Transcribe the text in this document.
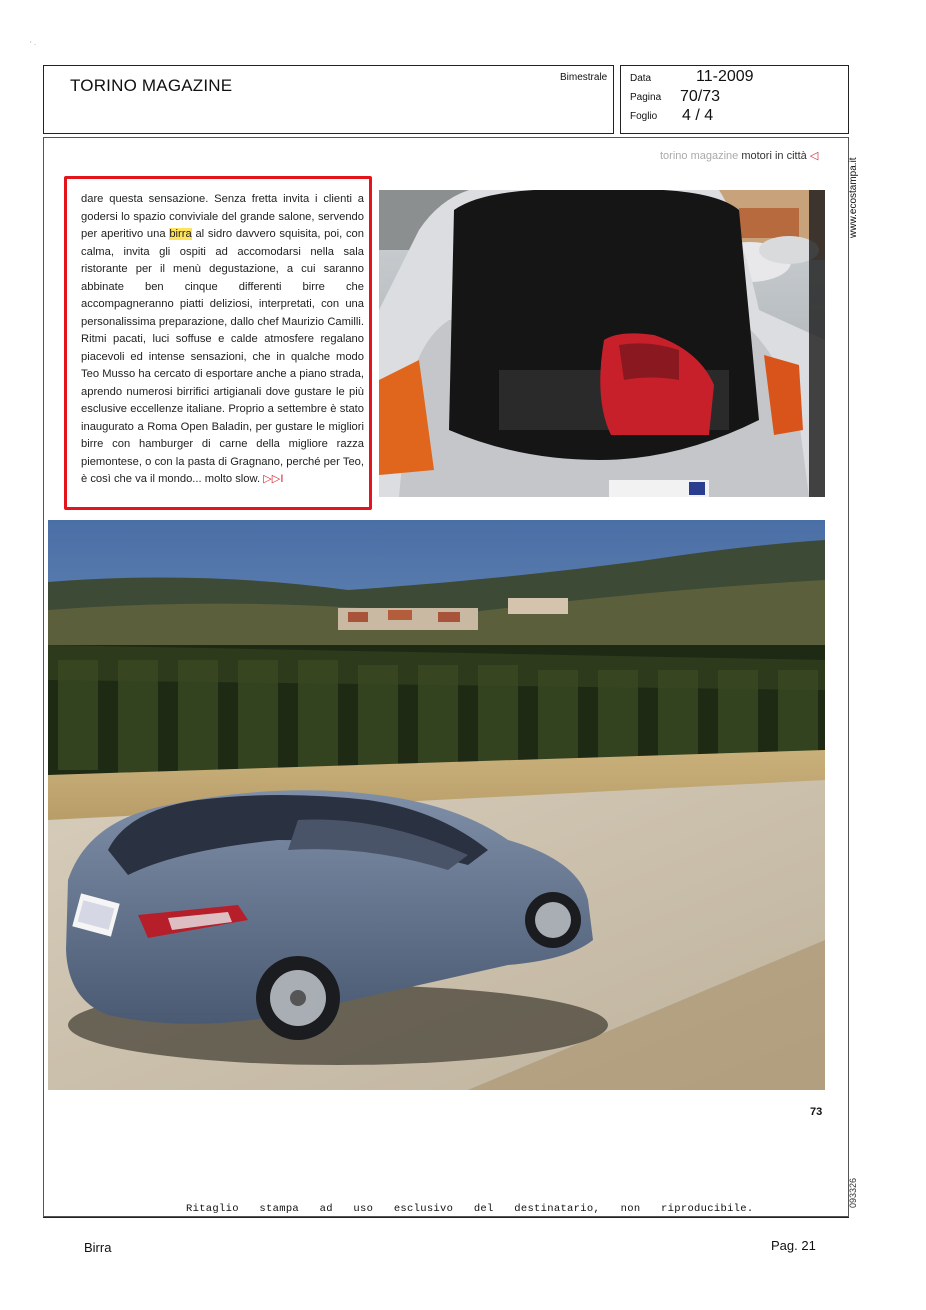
' ·
TORINO MAGAZINE	Bimestrale Data	11-2009
Pagina 70/73
Foglio 4 / 4
torino magazine motori in città ◁
www.ecostampa.it
dare questa sensazione. Senza fretta invita i clienti a godersi lo spazio conviviale del grande salone, servendo per aperitivo una birra al sidro davvero squisita, poi, con calma, invita gli ospiti ad accomodarsi nella sala ristorante per il menù degustazione, a cui saranno abbinate ben cinque differenti birre che accompagneranno piatti deliziosi, interpretati, con una personalissima preparazione, dallo chef Maurizio Camilli. Ritmi pacati, luci soffuse e calde atmosfere regalano piacevoli ed intense sensazioni, che in qualche modo Teo Musso ha cercato di esportare anche a piano strada, aprendo numerosi birrifici artigianali dove gustare le più esclusive eccellenze italiane. Proprio a settembre è stato inaugurato a Roma Open Baladin, per gustare le migliori birre con hamburger di carne della migliore razza piemontese, o con la pasta di Gragnano, perché per Teo, è così che va il mondo... molto slow. ▷▷I
73
093326
Ritaglio stampa ad uso esclusivo del destinatario, non riproducibile.
Birra	Pag. 21
